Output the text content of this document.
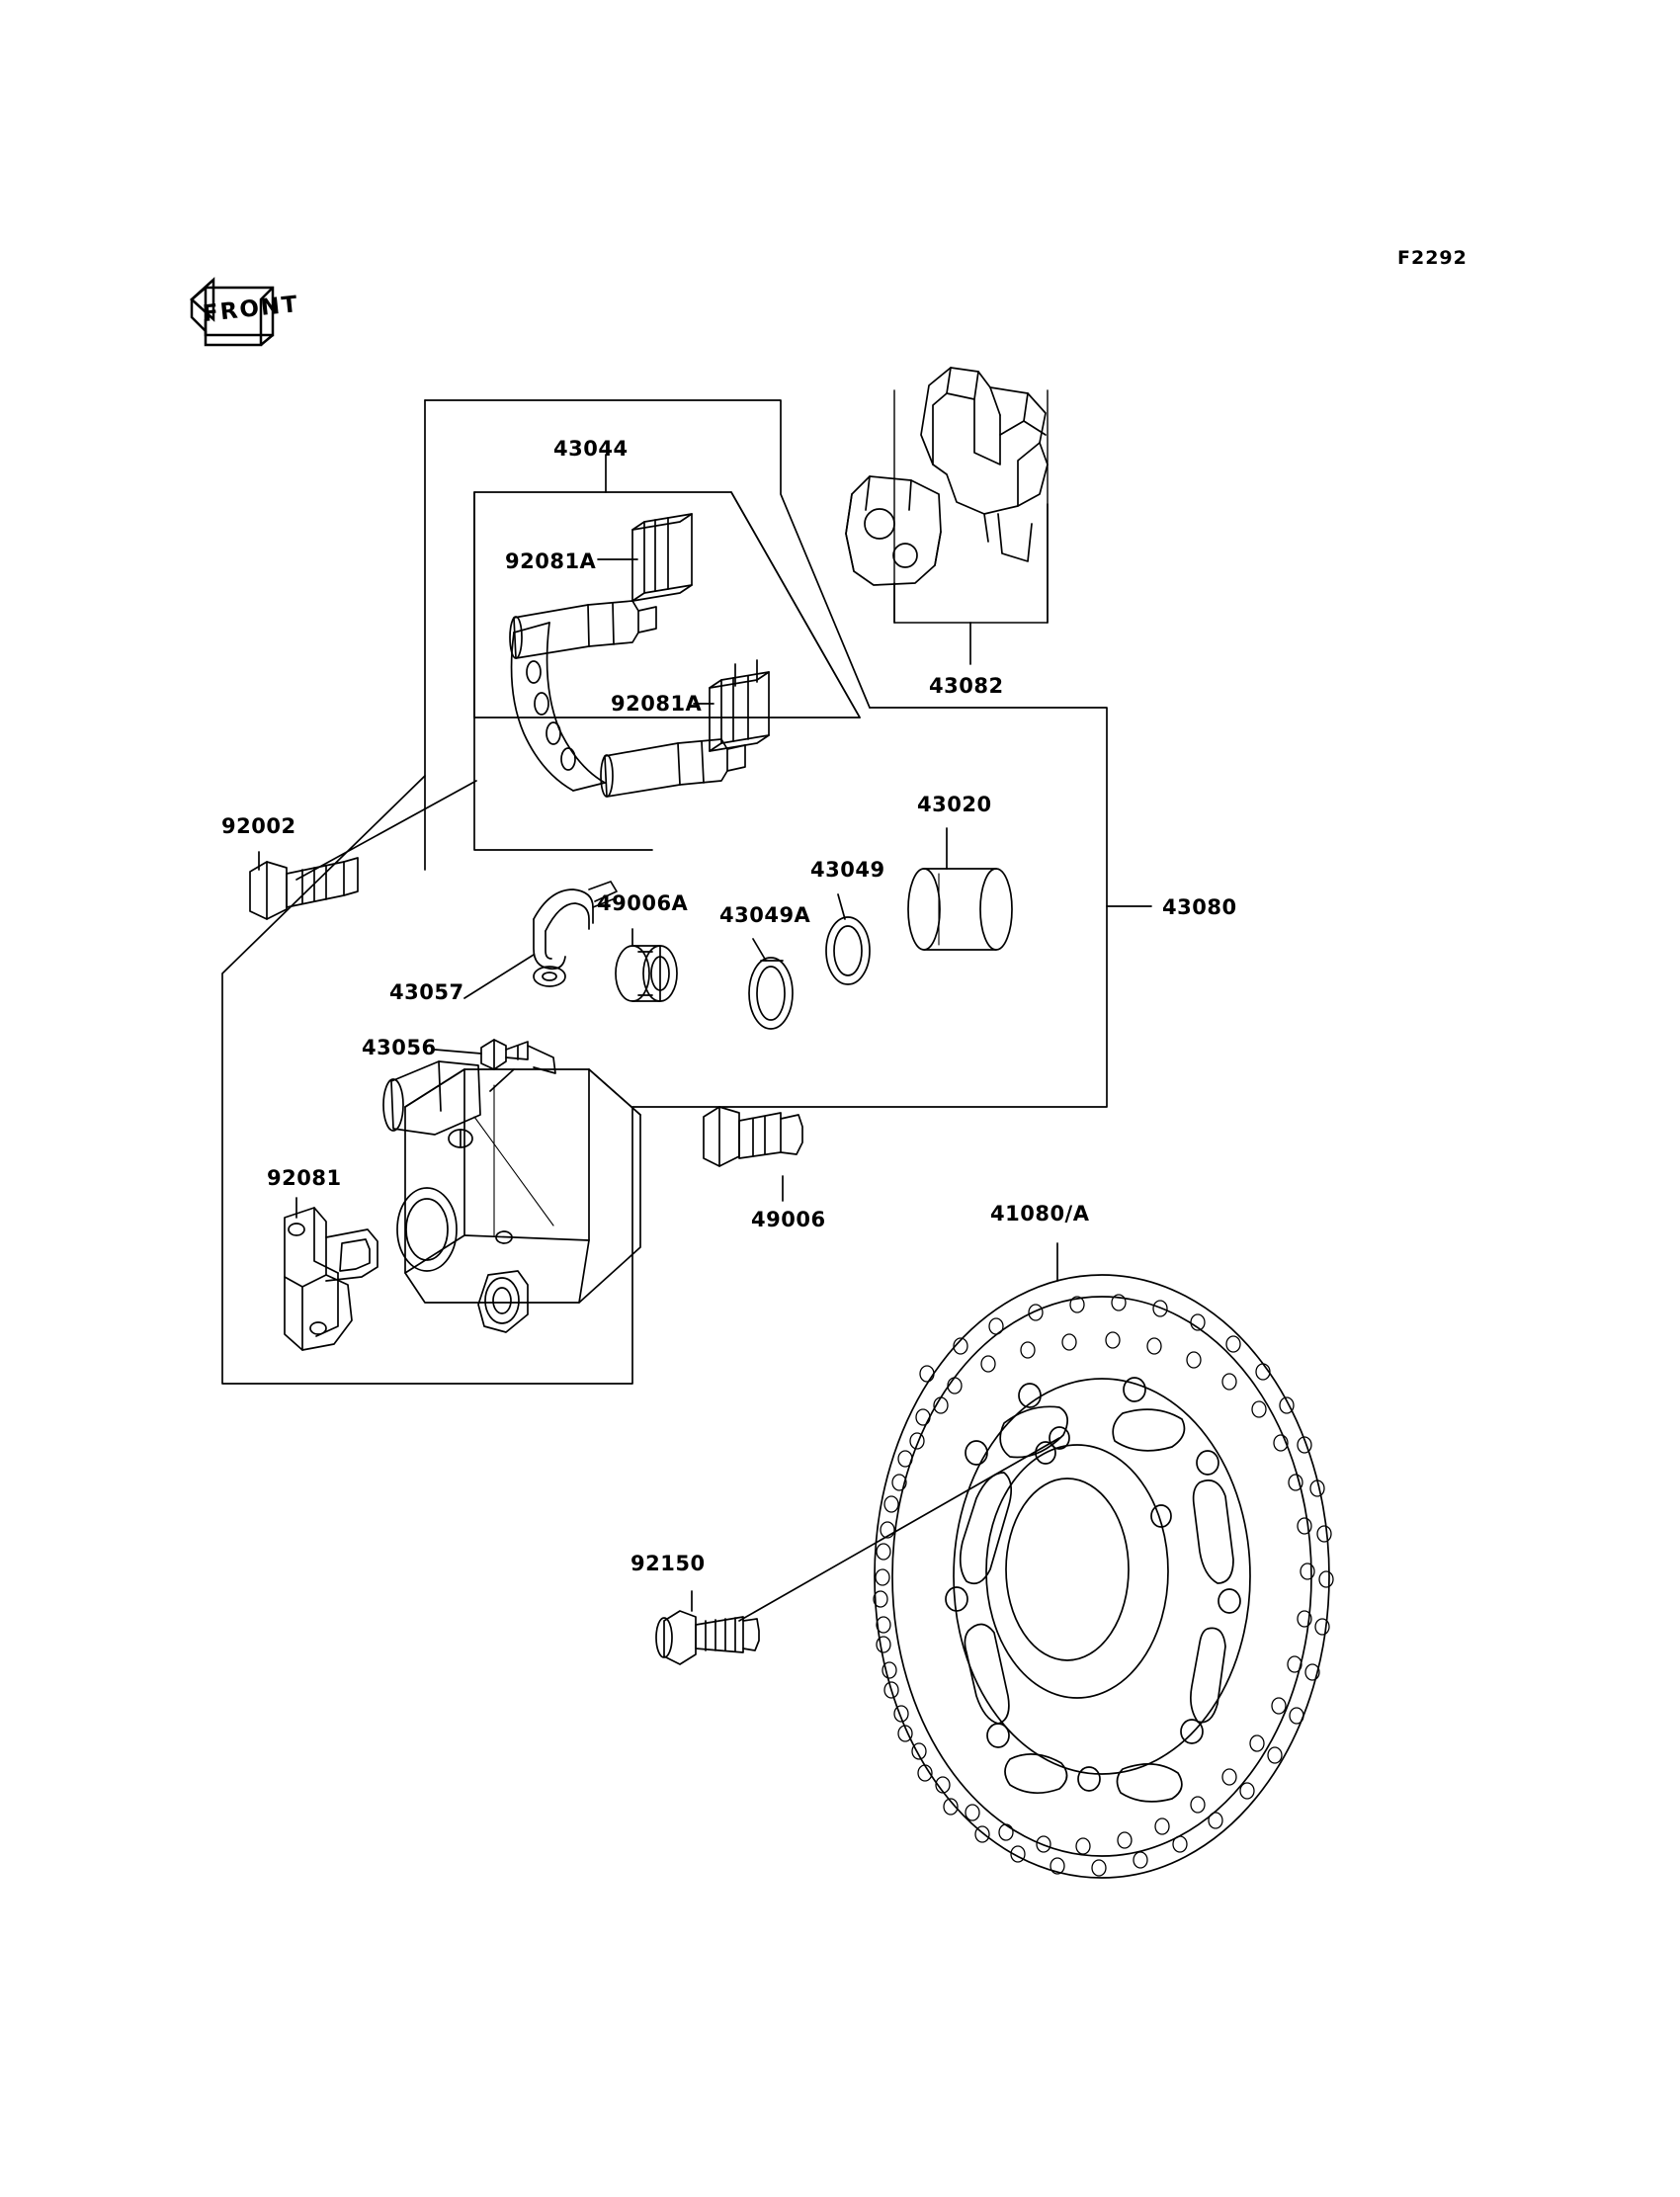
F2292
FRONT
43044
92081A
92081A
43082
92002
43020
43049
43049A
49006A	43080
43057
43056
49006
92081
41080/A
92150
